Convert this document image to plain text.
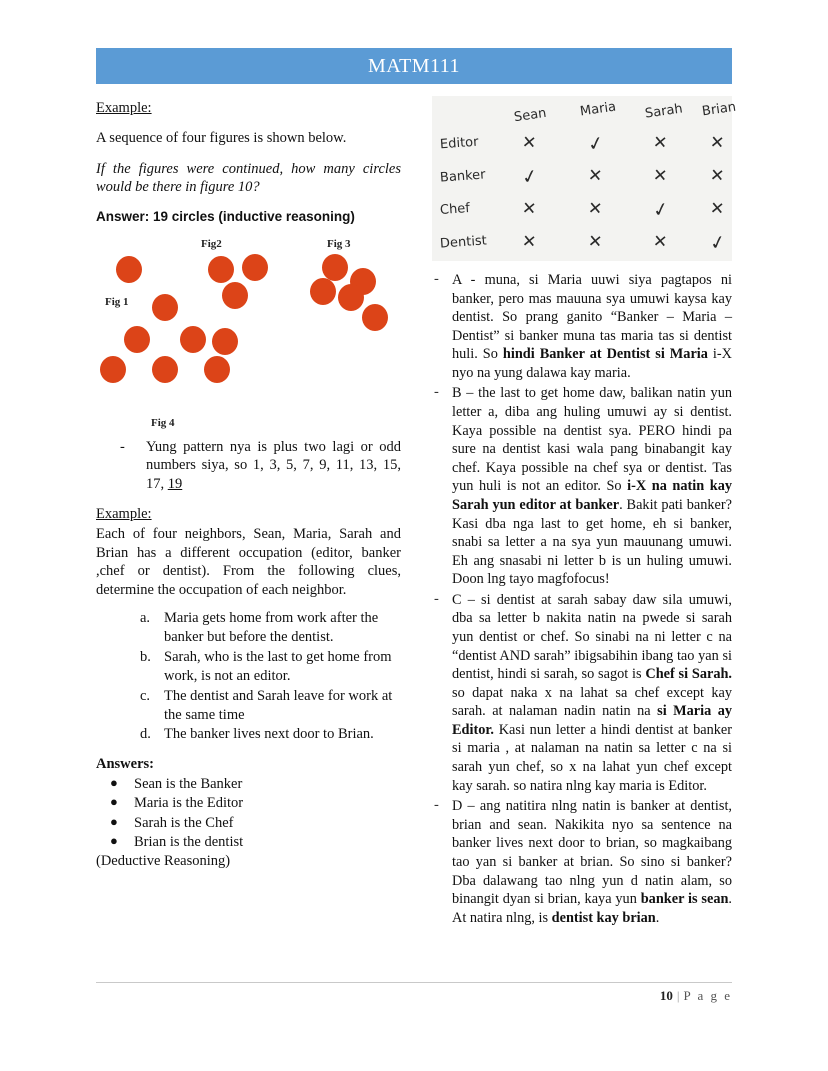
MATM111
Example:

A sequence of four figures is shown below.

If the figures were continued, how many circles would be there in figure 10?

Answer: 19 circles (inductive reasoning)
Fig 1
Fig2	Fig 3
Fig 4
- Yung pattern nya is plus two lagi or odd numbers siya, so 1, 3, 5, 7, 9, 11, 13, 15, 17, 19
Example:

Each of four neighbors, Sean, Maria, Sarah and Brian has a different occupation (editor, banker ,chef or dentist). From the following clues, determine the occupation of each neighbor.

a. Maria gets home from work after the banker but before the dentist.
b. Sarah, who is the last to get home from work, is not an editor.
c. The dentist and Sarah leave for work at the same time
d. The banker lives next door to Brian.
Answers:
● Sean is the Banker
● Maria is the Editor
● Sarah is the Chef
● Brian is the dentist
(Deductive Reasoning)
Sean Maria Sarah Brian
Editor ✕	✓	✕ ✕
Banker ✓	✕	✕ ✕
Chef	✕	✕	✓ ✕
Dentist ✕	✕	✕ ✓
- A - muna, si Maria uuwi siya pagtapos ni banker, pero mas mauuna sya umuwi kaysa kay dentist. So prang ganito “Banker – Maria – Dentist” si banker muna tas maria tas si dentist huli. So hindi Banker at Dentist si Maria i-X nyo na yung dalawa kay maria.

- B – the last to get home daw, balikan natin yun letter a, diba ang huling umuwi ay si dentist. Kaya possible na dentist sya. PERO hindi pa sure na dentist kasi wala pang binabangit kay chef. Kaya possible na chef sya or dentist. Tas yun huli is not an editor. So i-X na natin kay Sarah yun editor at banker. Bakit pati banker? Kasi dba nga last to get home, eh si banker, snabi sa letter a na sya yun mauunang umuwi. Eh ang snasabi ni letter b is un huling umuwi. Doon lng tayo magfofocus!

- C – si dentist at sarah sabay daw sila umuwi, dba sa letter b nakita natin na pwede si sarah yun dentist or chef. So sinabi na ni letter c na “dentist AND sarah” ibigsabihin ibang tao yan si dentist, hindi si sarah, so sagot is Chef si Sarah. so dapat naka x na lahat sa chef except kay sarah. at nalaman nadin natin na si Maria ay Editor. Kasi nun letter a hindi dentist at banker si maria , at nalaman na natin sa letter c na si sarah yun chef, so x na lahat yun chef except kay sarah. so natira nlng kay maria is Editor.

- D – ang natitira nlng natin is banker at dentist, brian and sean. Nakikita nyo sa sentence na banker lives next door to brian, so magkaibang tao yan si banker at brian. So sino si banker? Dba dalawang tao nlng yun d natin alam, so binangit dyan si brian, kaya yun banker is sean. At natira nlng, is dentist kay brian.

10 | P a g e
